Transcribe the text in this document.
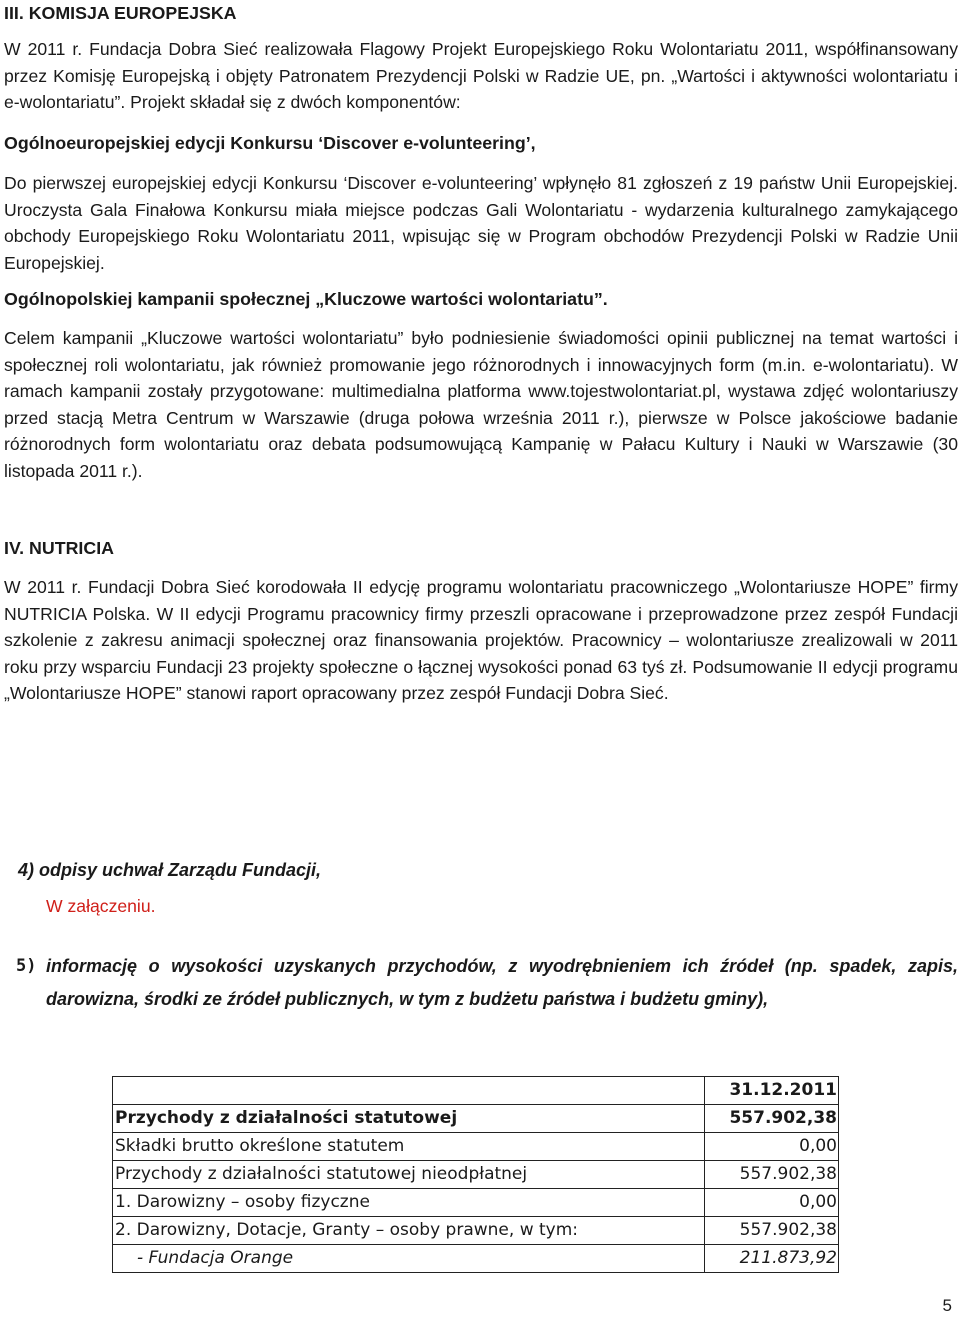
III. KOMISJA EUROPEJSKA
W 2011 r. Fundacja Dobra Sieć realizowała Flagowy Projekt Europejskiego Roku Wolontariatu 2011, współfinansowany przez Komisję Europejską i objęty Patronatem Prezydencji Polski w Radzie UE, pn. „Wartości i aktywności wolontariatu i e-wolontariatu”. Projekt składał się z dwóch komponentów:
Ogólnoeuropejskiej edycji Konkursu ‘Discover e-volunteering’,
Do pierwszej europejskiej edycji Konkursu ‘Discover e-volunteering’ wpłynęło 81 zgłoszeń z 19 państw Unii Europejskiej. Uroczysta Gala Finałowa Konkursu miała miejsce podczas Gali Wolontariatu - wydarzenia kulturalnego zamykającego obchody Europejskiego Roku Wolontariatu 2011, wpisując się w Program obchodów Prezydencji Polski w Radzie Unii Europejskiej.
Ogólnopolskiej kampanii społecznej „Kluczowe wartości wolontariatu”.
Celem kampanii „Kluczowe wartości wolontariatu” było podniesienie świadomości opinii publicznej na temat wartości i społecznej roli wolontariatu, jak również promowanie jego różnorodnych i innowacyjnych form (m.in. e-wolontariatu). W ramach kampanii zostały przygotowane: multimedialna platforma www.tojestwolontariat.pl, wystawa zdjęć wolontariuszy przed stacją Metra Centrum w Warszawie (druga połowa września 2011 r.), pierwsze w Polsce jakościowe badanie różnorodnych form wolontariatu oraz debata podsumowującą Kampanię w Pałacu Kultury i Nauki w Warszawie (30 listopada 2011 r.).
IV. NUTRICIA
W 2011 r. Fundacji Dobra Sieć korodowała II edycję programu wolontariatu pracowniczego „Wolontariusze HOPE” firmy NUTRICIA Polska. W II edycji Programu pracownicy firmy przeszli opracowane i przeprowadzone przez zespół Fundacji szkolenie z zakresu animacji społecznej oraz finansowania projektów. Pracownicy – wolontariusze zrealizowali w 2011 roku przy wsparciu Fundacji 23 projekty społeczne o łącznej wysokości ponad 63 tyś zł. Podsumowanie II edycji programu „Wolontariusze HOPE” stanowi raport opracowany przez zespół Fundacji Dobra Sieć.
4) odpisy uchwał Zarządu Fundacji,
W załączeniu.
5) informację o wysokości uzyskanych przychodów, z wyodrębnieniem ich źródeł (np. spadek, zapis, darowizna, środki ze źródeł publicznych, w tym z budżetu państwa i budżetu gminy),
	31.12.2011
Przychody z działalności statutowej	557.902,38
Składki brutto określone statutem	0,00
Przychody z działalności statutowej nieodpłatnej	557.902,38
1. Darowizny – osoby fizyczne	0,00
2. Darowizny, Dotacje, Granty – osoby prawne, w tym:	557.902,38
- Fundacja Orange	211.873,92
5
